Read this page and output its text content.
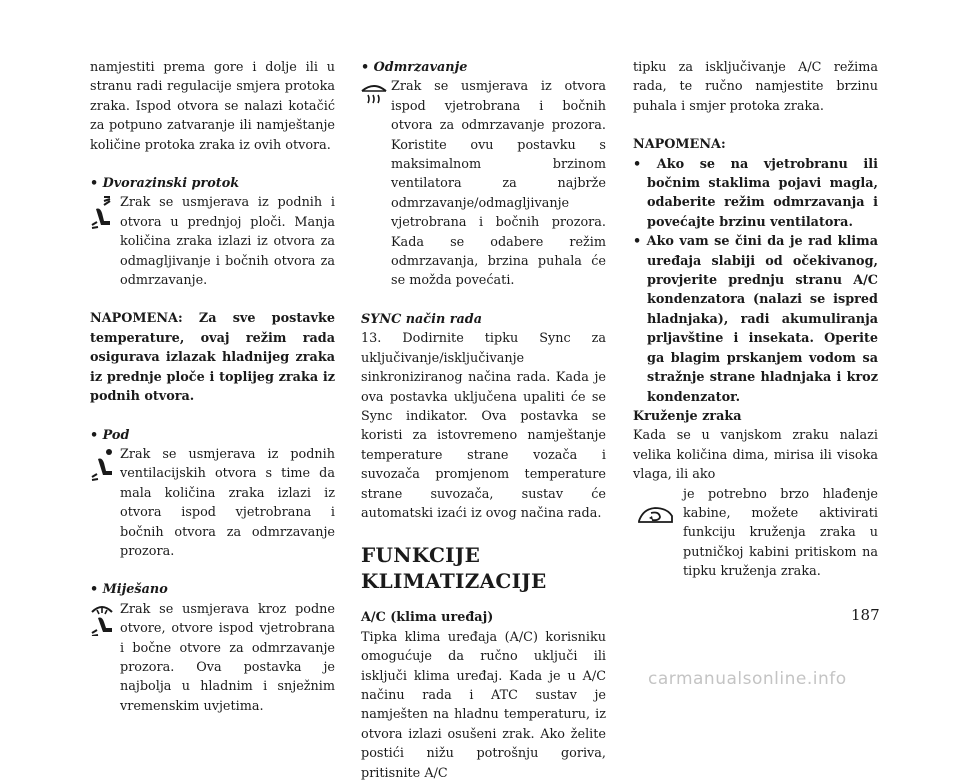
namjestiti prema gore i dolje ili u stranu radi regulacije smjera protoka zraka. Ispod otvora se nalazi kotačić za potpuno zatvaranje ili namještanje količine protoka zraka iz ovih otvora.

• Dvorazinski protok

Zrak se usmjerava iz podnih i otvora u prednjoj ploči. Manja količina zraka izlazi iz otvora za odmagljivanje i bočnih otvora za odmrzavanje.

NAPOMENA: Za sve postavke temperature, ovaj režim rada osigurava izlazak hladnijeg zraka iz prednje ploče i toplijeg zraka iz podnih otvora.

• Pod

Zrak se usmjerava iz podnih ventilacijskih otvora s time da mala količina zraka izlazi iz otvora ispod vjetrobrana i bočnih otvora za odmrzavanje prozora.

• Miješano

Zrak se usmjerava kroz podne otvore, otvore ispod vjetrobrana i bočne otvore za odmrzavanje prozora. Ova postavka je najbolja u hladnim i snježnim vremenskim uvjetima.

• Odmrzavanje

Zrak se usmjerava iz otvora ispod vjetrobrana i bočnih otvora za odmrzavanje prozora. Koristite ovu postavku s maksimalnom brzinom ventilatora za najbrže odmrzavanje/odmagljivanje vjetrobrana i bočnih prozora. Kada se odabere režim odmrzavanja, brzina puhala će se možda povećati.

SYNC način rada

13. Dodirnite tipku Sync za uključivanje/isključivanje sinkroniziranog načina rada. Kada je ova postavka uključena upaliti će se Sync indikator. Ova postavka se koristi za istovremeno namještanje temperature strane vozača i suvozača promjenom temperature strane suvozača, sustav će automatski izaći iz ovog načina rada.

FUNKCIJE KLIMATIZACIJE

A/C (klima uređaj)

Tipka klima uređaja (A/C) korisniku omogućuje da ručno uključi ili isključi klima uređaj. Kada je u A/C načinu rada i ATC sustav je namješten na hladnu temperaturu, iz otvora izlazi osušeni zrak. Ako želite postići nižu potrošnju goriva, pritisnite A/C

tipku za isključivanje A/C režima rada, te ručno namjestite brzinu puhala i smjer protoka zraka.

NAPOMENA:

• Ako se na vjetrobranu ili bočnim staklima pojavi magla, odaberite režim odmrzavanja i povećajte brzinu ventilatora.

• Ako vam se čini da je rad klima uređaja slabiji od očekivanog, provjerite prednju stranu A/C kondenzatora (nalazi se ispred hladnjaka), radi akumuliranja prljavštine i insekata. Operite ga blagim prskanjem vodom sa stražnje strane hladnjaka i kroz kondenzator.

Kruženje zraka

Kada se u vanjskom zraku nalazi velika količina dima, mirisa ili visoka vlaga, ili ako

je potrebno brzo hlađenje kabine, možete aktivirati funkciju kruženja zraka u putničkoj kabini pritiskom na tipku kruženja zraka.

187
carmanualsonline.info
